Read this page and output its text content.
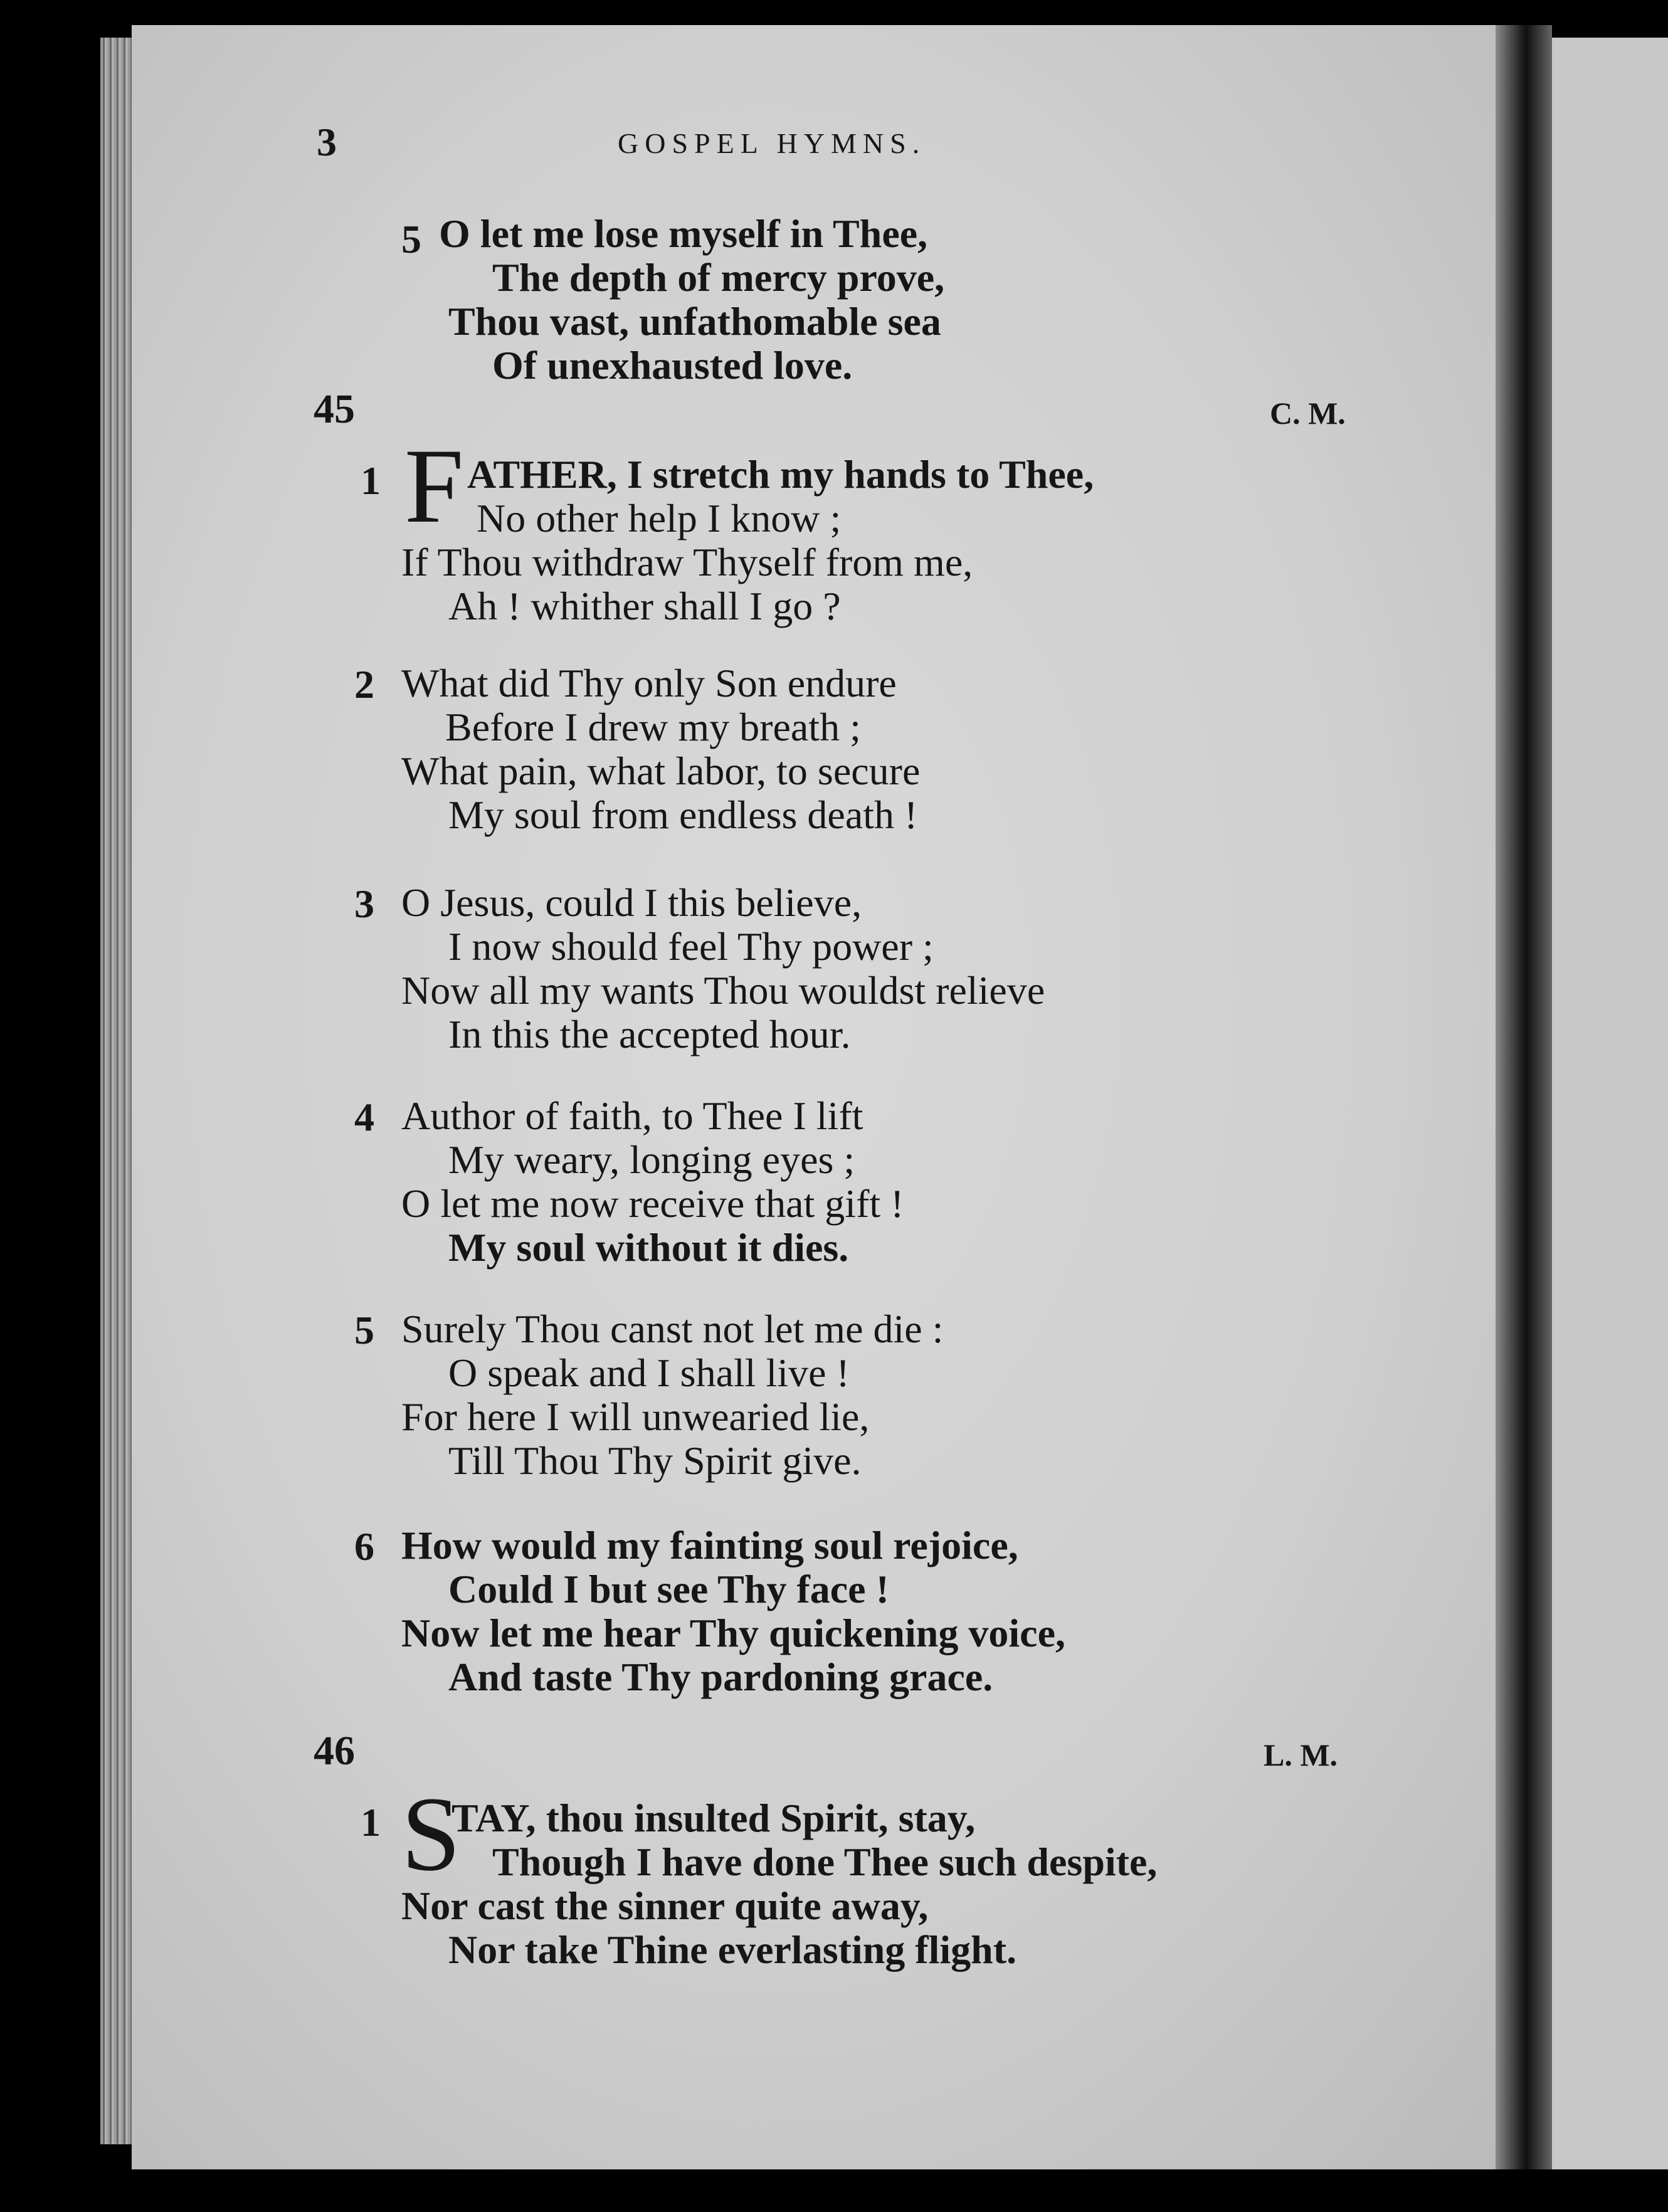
3	GOSPEL HYMNS.
5 O let me lose myself in Thee,
The depth of mercy prove,
Thou vast, unfathomable sea
Of unexhausted love.
45	C. M.
1 F ATHER, I stretch my hands to Thee,
No other help I know ;
If Thou withdraw Thyself from me,
Ah ! whither shall I go ?
2 What did Thy only Son endure
Before I drew my breath ;
What pain, what labor, to secure
My soul from endless death !
3 O Jesus, could I this believe,
I now should feel Thy power ;
Now all my wants Thou wouldst relieve
In this the accepted hour.
4 Author of faith, to Thee I lift
My weary, longing eyes ;
O let me now receive that gift !
My soul without it dies.
5 Surely Thou canst not let me die :
O speak and I shall live !
For here I will unwearied lie,
Till Thou Thy Spirit give.
6 How would my fainting soul rejoice,
Could I but see Thy face !
Now let me hear Thy quickening voice,
And taste Thy pardoning grace.
46	L. M.
1 S
TAY, thou insulted Spirit, stay,
Though I have done Thee such despite,
Nor cast the sinner quite away,
Nor take Thine everlasting flight.
